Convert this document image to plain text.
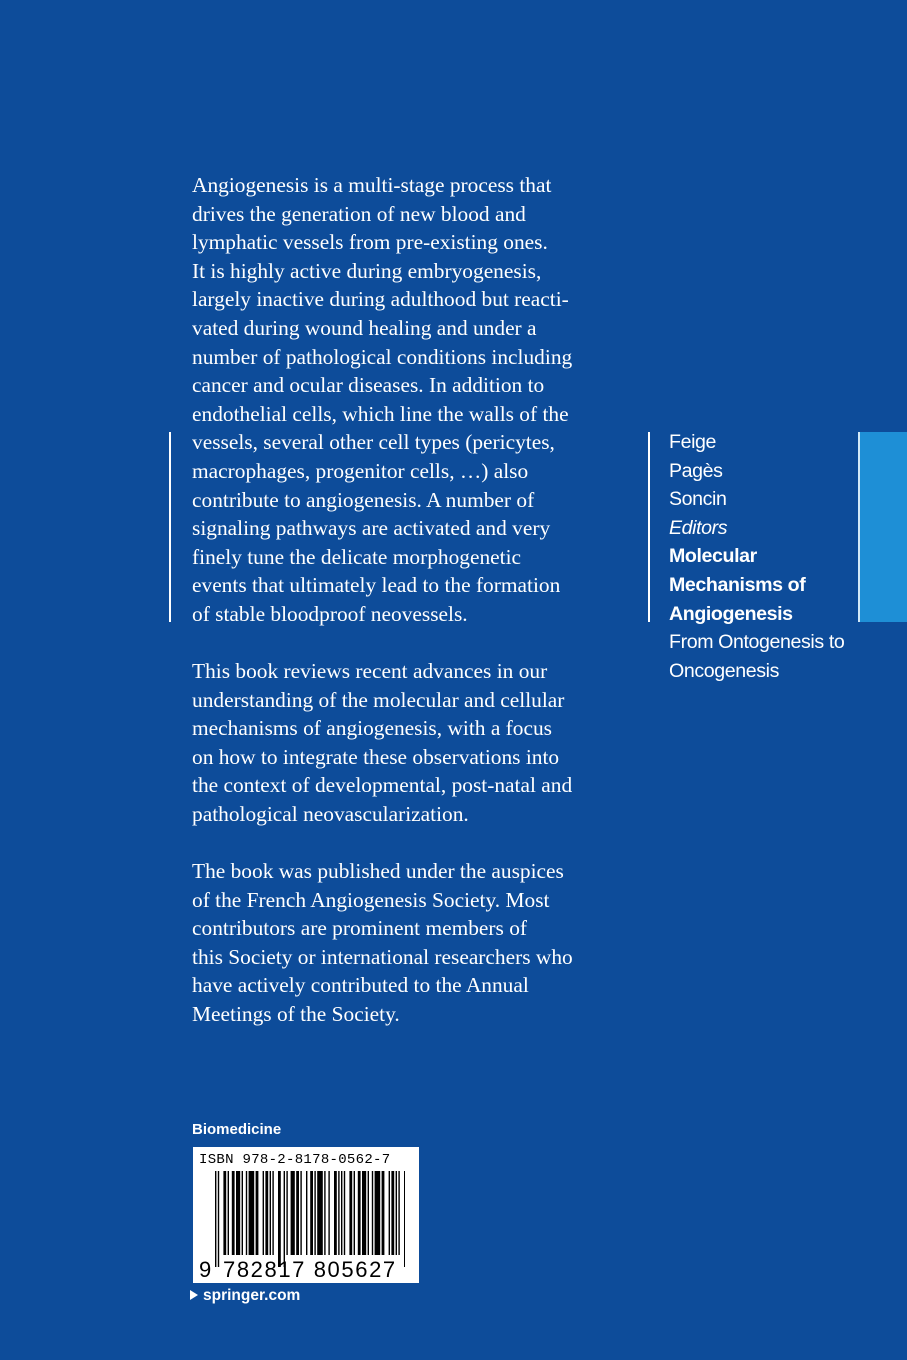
Angiogenesis is a multi-stage process that
drives the generation of new blood and
lymphatic vessels from pre-existing ones.
It is highly active during embryogenesis,
largely inactive during adulthood but reacti-
vated during wound healing and under a
number of pathological conditions including
cancer and ocular diseases. In addition to
endothelial cells, which line the walls of the
vessels, several other cell types (pericytes,
macrophages, progenitor cells, …) also
contribute to angiogenesis. A number of
signaling pathways are activated and very
finely tune the delicate morphogenetic
events that ultimately lead to the formation
of stable bloodproof neovessels.

This book reviews recent advances in our
understanding of the molecular and cellular
mechanisms of angiogenesis, with a focus
on how to integrate these observations into
the context of developmental, post-natal and
pathological neovascularization.

The book was published under the auspices
of the French Angiogenesis Society. Most
contributors are prominent members of
this Society or international researchers who
have actively contributed to the Annual
Meetings of the Society.

Feige
Pagès
Soncin
Editors
Molecular
Mechanisms of
Angiogenesis
From Ontogenesis to
Oncogenesis
Biomedicine
ISBN 978-2-8178-0562-7
9 782817 805627
springer.com
